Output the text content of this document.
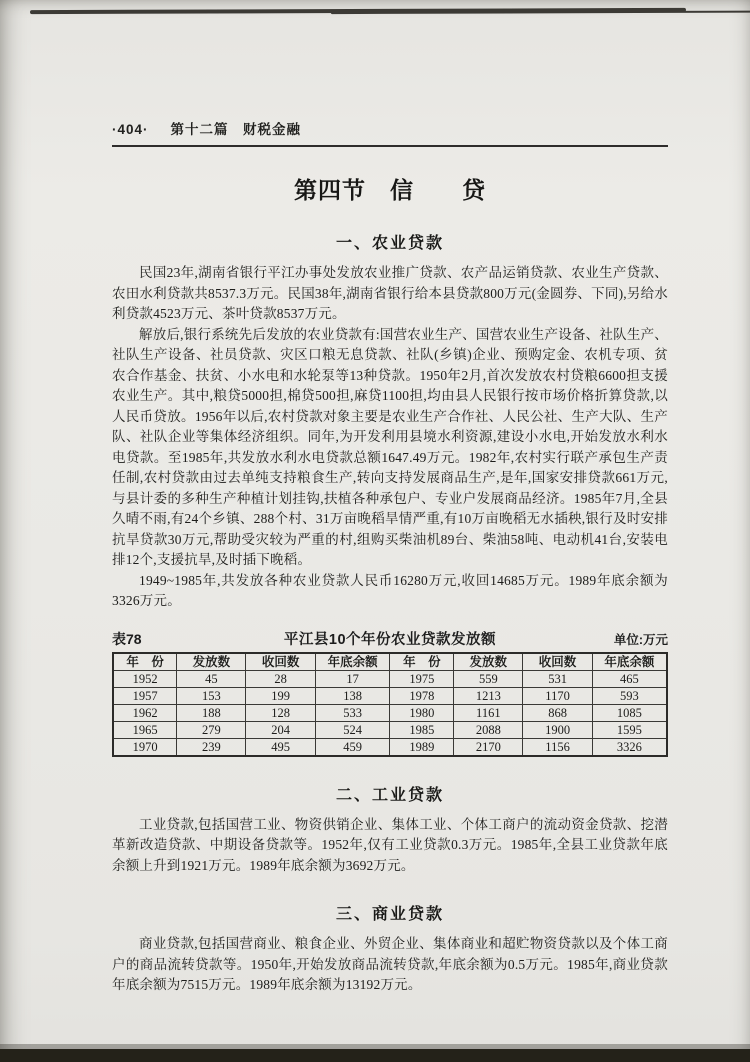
·404· 第十二篇　财税金融
第四节　信　　贷
一、农业贷款

民国23年,湖南省银行平江办事处发放农业推广贷款、农产品运销贷款、农业生产贷款、农田水利贷款共8537.3万元。民国38年,湖南省银行给本县贷款800万元(金圆券、下同),另给水利贷款4523万元、茶叶贷款8537万元。

解放后,银行系统先后发放的农业贷款有:国营农业生产、国营农业生产设备、社队生产、社队生产设备、社员贷款、灾区口粮无息贷款、社队(乡镇)企业、预购定金、农机专项、贫农合作基金、扶贫、小水电和水轮泵等13种贷款。1950年2月,首次发放农村贷粮6600担支援农业生产。其中,粮贷5000担,棉贷500担,麻贷1100担,均由县人民银行按市场价格折算贷款,以人民币贷放。1956年以后,农村贷款对象主要是农业生产合作社、人民公社、生产大队、生产队、社队企业等集体经济组织。同年,为开发利用县境水利资源,建设小水电,开始发放水利水电贷款。至1985年,共发放水利水电贷款总额1647.49万元。1982年,农村实行联产承包生产责任制,农村贷款由过去单纯支持粮食生产,转向支持发展商品生产,是年,国家安排贷款661万元,与县计委的多种生产种植计划挂钩,扶植各种承包户、专业户发展商品经济。1985年7月,全县久晴不雨,有24个乡镇、288个村、31万亩晚稻旱情严重,有10万亩晚稻无水插秧,银行及时安排抗旱贷款30万元,帮助受灾较为严重的村,组购买柴油机89台、柴油58吨、电动机41台,安装电排12个,支援抗旱,及时插下晚稻。

1949~1985年,共发放各种农业贷款人民币16280万元,收回14685万元。1989年底余额为3326万元。

表78	平江县10个年份农业贷款发放额	单位:万元
年　份	发放数	收回数	年底余额	年　份	发放数	收回数	年底余额
1952	45	28	17	1975	559	531	465
1957	153	199	138	1978	1213	1170	593
1962	188	128	533	1980	1161	868	1085
1965	279	204	524	1985	2088	1900	1595
1970	239	495	459	1989	2170	1156	3326
二、工业贷款

工业贷款,包括国营工业、物资供销企业、集体工业、个体工商户的流动资金贷款、挖潜革新改造贷款、中期设备贷款等。1952年,仅有工业贷款0.3万元。1985年,全县工业贷款年底余额上升到1921万元。1989年底余额为3692万元。

三、商业贷款

商业贷款,包括国营商业、粮食企业、外贸企业、集体商业和超贮物资贷款以及个体工商户的商品流转贷款等。1950年,开始发放商品流转贷款,年底余额为0.5万元。1985年,商业贷款年底余额为7515万元。1989年底余额为13192万元。
